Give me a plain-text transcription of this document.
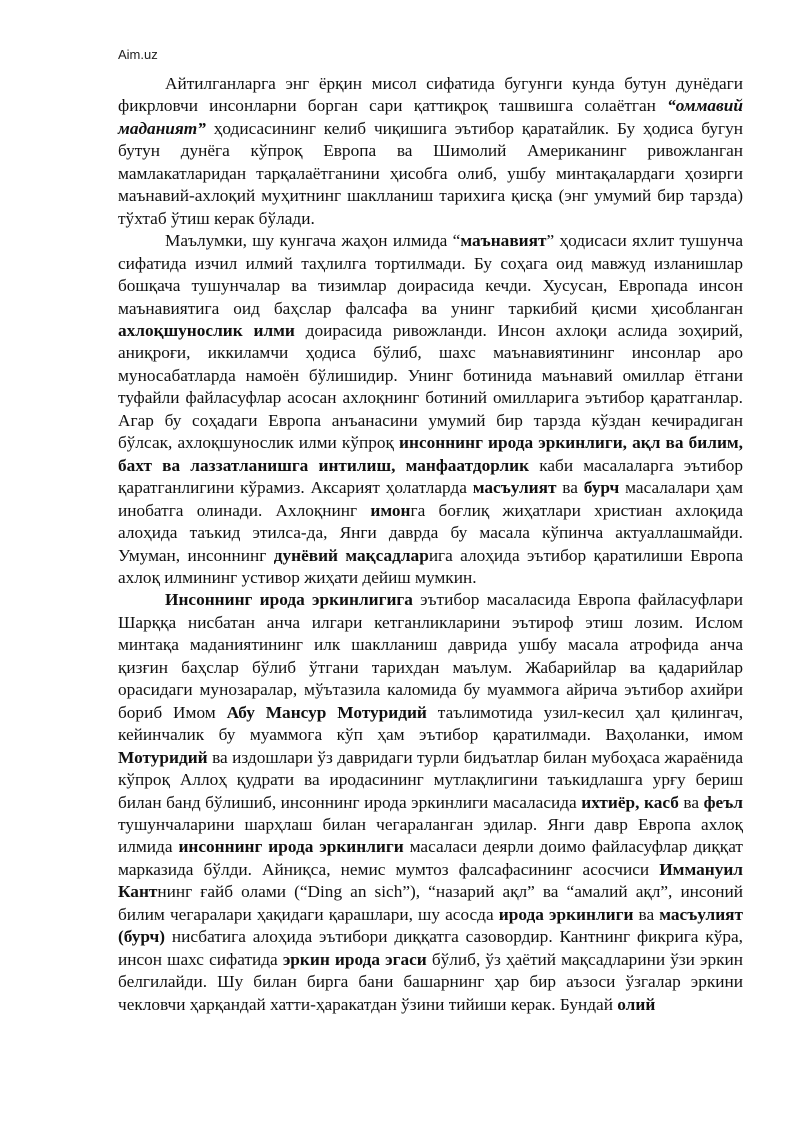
Aim.uz

Айтилганларга энг ёрқин мисол сифатида бугунги кунда бутун дунёдаги фикрловчи инсонларни борган сари қаттиқроқ ташвишга солаётган “оммавий маданият” ҳодисасининг келиб чиқишига эътибор қаратайлик. Бу ҳодиса бугун бутун дунёга кўпроқ Европа ва Шимолий Американинг ривожланган мамлакатларидан тарқалаётганини ҳисобга олиб, ушбу минтақалардаги ҳозирги маънавий-ахлоқий муҳитнинг шаклланиш тарихига қисқа (энг умумий бир тарзда) тўхтаб ўтиш керак бўлади.

Маълумки, шу кунгача жаҳон илмида “маънавият” ҳодисаси яхлит тушунча сифатида изчил илмий таҳлилга тортилмади. Бу соҳага оид мавжуд изланишлар бошқача тушунчалар ва тизимлар доирасида кечди. Хусусан, Европада инсон маънавиятига оид баҳслар фалсафа ва унинг таркибий қисми ҳисобланган ахлоқшунослик илми доирасида ривожланди. Инсон ахлоқи аслида зоҳирий, аниқроғи, иккиламчи ҳодиса бўлиб, шахс маънавиятининг инсонлар аро муносабатларда намоён бўлишидир. Унинг ботинида маънавий омиллар ётгани туфайли файласуфлар асосан ахлоқнинг ботиний омилларига эътибор қаратганлар. Агар бу соҳадаги Европа анъанасини умумий бир тарзда кўздан кечирадиган бўлсак, ахлоқшунослик илми кўпроқ инсоннинг ирода эркинлиги, ақл ва билим, бахт ва лаззатланишга интилиш, манфаатдорлик каби масалаларга эътибор қаратганлигини кўрамиз. Аксарият ҳолатларда масъулият ва бурч масалалари ҳам инобатга олинади. Ахлоқнинг имонга боғлиқ жиҳатлари христиан ахлоқида алоҳида таъкид этилса-да, Янги даврда бу масала кўпинча актуаллашмайди. Умуман, инсоннинг дунёвий мақсадларига алоҳида эътибор қаратилиши Европа ахлоқ илмининг устивор жиҳати дейиш мумкин.

Инсоннинг ирода эркинлигига эътибор масаласида Европа файласуфлари Шарққа нисбатан анча илгари кетганликларини эътироф этиш лозим. Ислом минтақа маданиятининг илк шаклланиш даврида ушбу масала атрофида анча қизғин баҳслар бўлиб ўтгани тарихдан маълум. Жабарийлар ва қадарийлар орасидаги мунозаралар, мўътазила каломида бу муаммога айрича эътибор ахийри бориб Имом Абу Мансур Мотуридий таълимотида узил-кесил ҳал қилингач, кейинчалик бу муаммога кўп ҳам эътибор қаратилмади. Ваҳоланки, имом Мотуридий ва издошлари ўз давридаги турли бидъатлар билан мубоҳаса жараёнида кўпроқ Аллоҳ қудрати ва иродасининг мутлақлигини таъкидлашга урғу бериш билан банд бўлишиб, инсоннинг ирода эркинлиги масаласида ихтиёр, касб ва феъл тушунчаларини шарҳлаш билан чегараланган эдилар. Янги давр Европа ахлоқ илмида инсоннинг ирода эркинлиги масаласи деярли доимо файласуфлар диққат марказида бўлди. Айниқса, немис мумтоз фалсафасининг асосчиси Иммануил Кантнинг ғайб олами (“Ding an sich”), “назарий ақл” ва “амалий ақл”, инсоний билим чегаралари ҳақидаги қарашлари, шу асосда ирода эркинлиги ва масъулият (бурч) нисбатига алоҳида эътибори диққатга сазовордир. Кантнинг фикрига кўра, инсон шахс сифатида эркин ирода эгаси бўлиб, ўз ҳаётий мақсадларини ўзи эркин белгилайди. Шу билан бирга бани башарнинг ҳар бир аъзоси ўзгалар эркини чекловчи ҳарқандай хатти-ҳаракатдан ўзини тийиши керак. Бундай олий
